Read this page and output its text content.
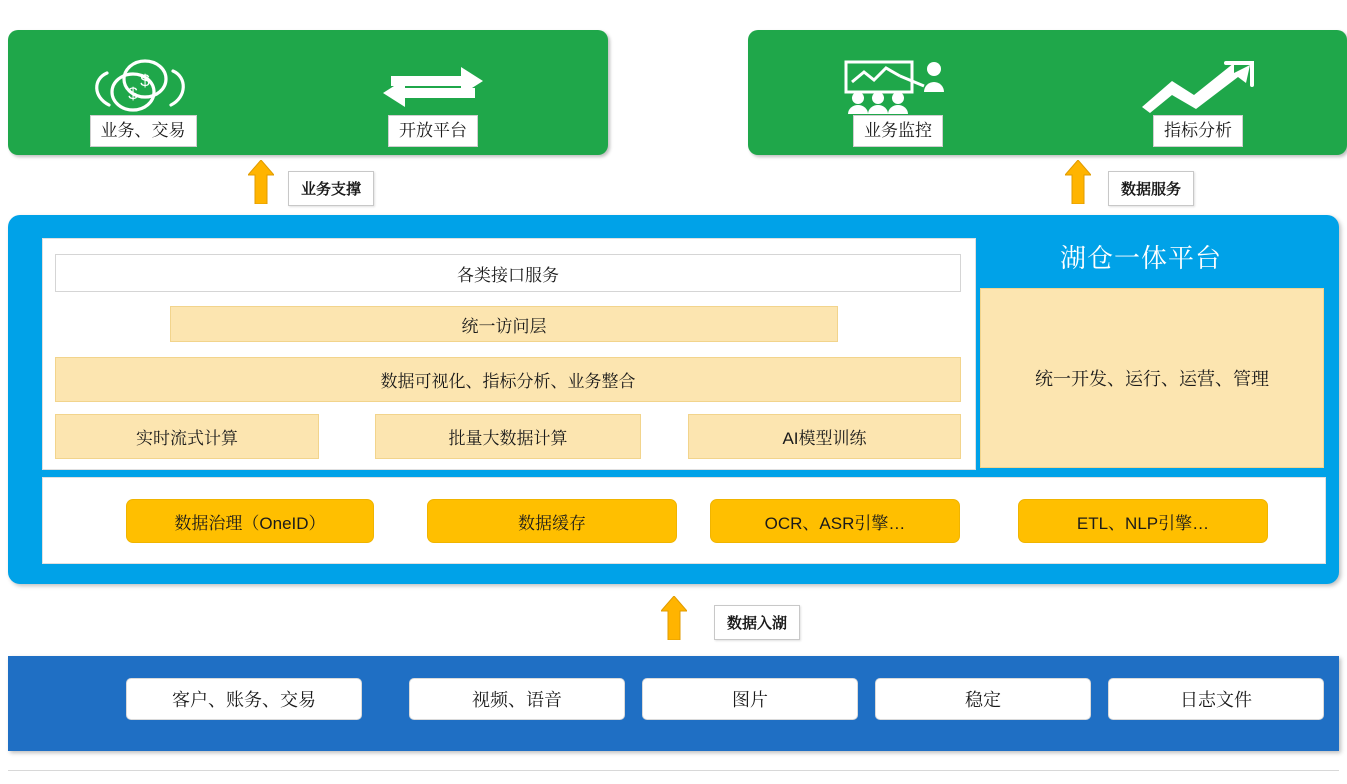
$
$
业务、交易	开放平台	业务监控	指标分析
业务支撑	数据服务
湖仓一体平台
各类接口服务
统一访问层
数据可视化、指标分析、业务整合
实时流式计算	批量大数据计算	AI模型训练
统一开发、运行、运营、管理
数据治理（OneID）	数据缓存	OCR、ASR引擎…	ETL、NLP引擎…
数据入湖
客户、账务、交易	视频、语音	图片	稳定	日志文件
